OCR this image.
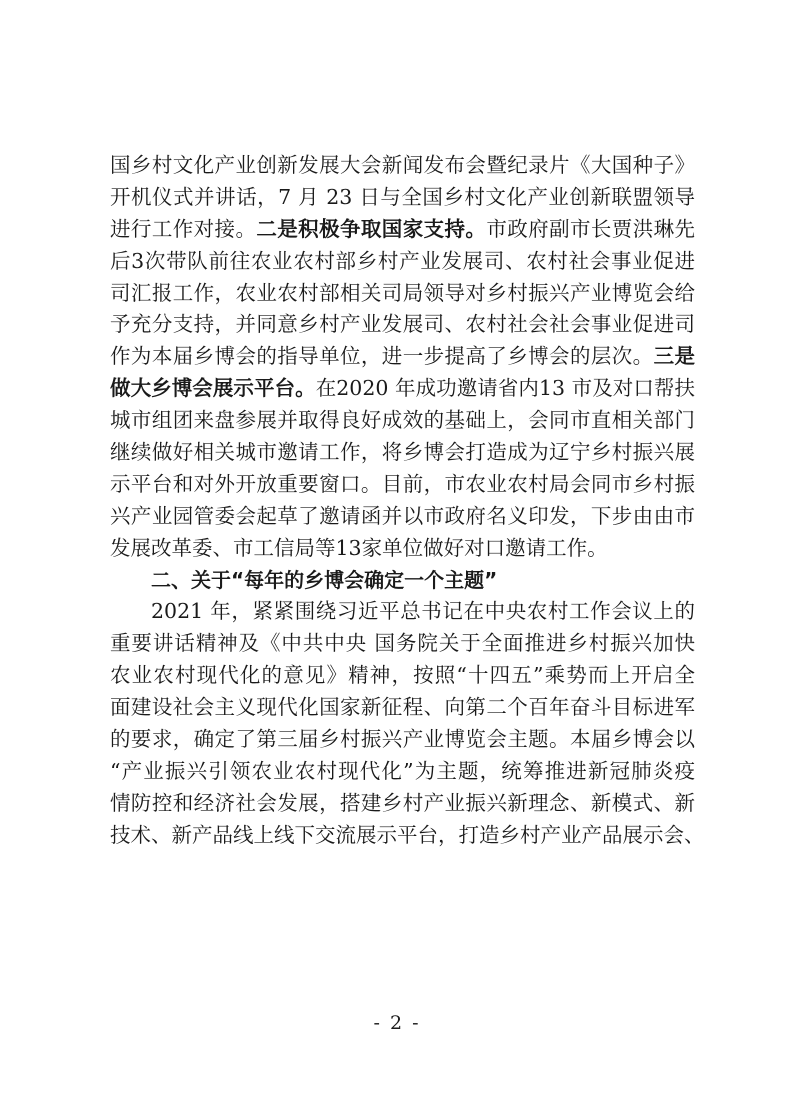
国乡村文化产业创新发展大会新闻发布会暨纪录片《大国种子》
开机仪式并讲话，7 月 23 日与全国乡村文化产业创新联盟领导
进行工作对接。二是积极争取国家支持。市政府副市长贾洪琳先
后3次带队前往农业农村部乡村产业发展司、农村社会事业促进
司汇报工作，农业农村部相关司局领导对乡村振兴产业博览会给
予充分支持，并同意乡村产业发展司、农村社会社会事业促进司
作为本届乡博会的指导单位，进一步提高了乡博会的层次。三是
做大乡博会展示平台。在2020 年成功邀请省内13 市及对口帮扶
城市组团来盘参展并取得良好成效的基础上，会同市直相关部门
继续做好相关城市邀请工作，将乡博会打造成为辽宁乡村振兴展
示平台和对外开放重要窗口。目前，市农业农村局会同市乡村振
兴产业园管委会起草了邀请函并以市政府名义印发，下步由由市
发展改革委、市工信局等13家单位做好对口邀请工作。
二、关于“每年的乡博会确定一个主题”
2021 年，紧紧围绕习近平总书记在中央农村工作会议上的
重要讲话精神及《中共中央 国务院关于全面推进乡村振兴加快
农业农村现代化的意见》精神，按照“十四五”乘势而上开启全
面建设社会主义现代化国家新征程、向第二个百年奋斗目标进军
的要求，确定了第三届乡村振兴产业博览会主题。本届乡博会以
“产业振兴引领农业农村现代化”为主题，统筹推进新冠肺炎疫
情防控和经济社会发展，搭建乡村产业振兴新理念、新模式、新
技术、新产品线上线下交流展示平台，打造乡村产业产品展示会、
- 2 -
